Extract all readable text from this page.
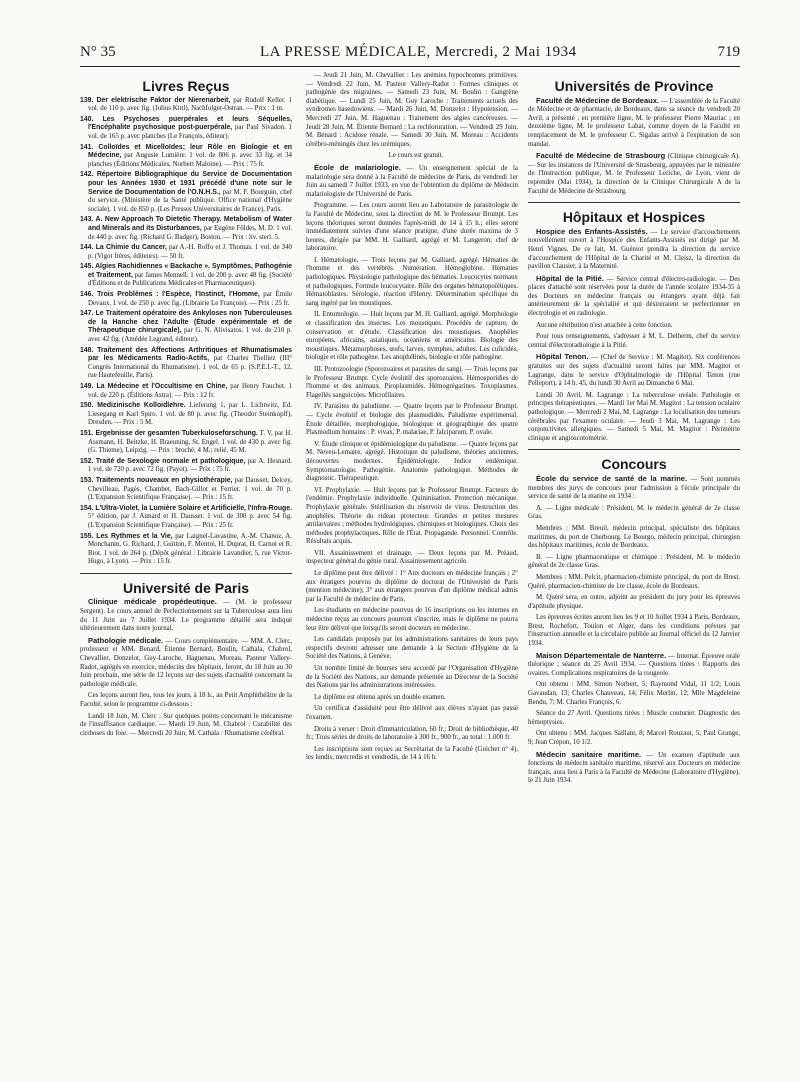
N° 35	LA PRESSE MÉDICALE, Mercredi, 2 Mai 1934	719
Livres Reçus
139. Der elektrische Faktor der Nierenarbeit, par Rudolf Keller. 1 vol. de 110 p. avec fig. (Julius Kittl), Nachfolger-Ostran. — Prix : 1 m.
140. Les Psychoses puerpérales et leurs Séquelles, l'Encéphalite psychosique post-puerpérale, par Paul Sivadon. 1 vol. de 165 p. avec planches (Le François, éditeur).
141. Colloïdes et Micelloïdes; leur Rôle en Biologie et en Médecine, par Auguste Lumière. 1 vol. de 806 p. avec 33 fig. et 34 planches (Éditions Médicales, Norbert Maloine). — Prix : 75 fr.
142. Répertoire Bibliographique du Service de Documentation pour les Années 1930 et 1931 précédé d'une note sur le Service de Documentation de l'O.N.H.S., par M. F. Bourguin, chef du service. (Ministère de la Santé publique. Office national d'Hygiène sociale). 1 vol. de 850 p. (Les Presses Universitaires de France), Paris.
143. A. New Approach To Dietetic Therapy. Metabolism of Water and Minerals and its Disturbances, par Eugène Földes, M. D. 1 vol. de 440 p. avec fig. (Richard G. Badger), Boston. — Prix : liv. sterl. 5.
144. La Chimie du Cancer, par A.-H. Roffo et J. Thomas. 1 vol. de 340 p. (Vigot frères, éditeurs). — 50 fr.
145. Algies Rachidiennes « Backache ». Symptômes, Pathogénie et Traitement, par James Mennell. 1 vol. de 200 p. avec 48 fig. (Société d'Éditions et de Publications Médicales et Pharmaceutiques).
146. Trois Problèmes : l'Espèce, l'Instinct, l'Homme, par Émile Devaux. 1 vol. de 250 p. avec fig. (Librairie Le François). — Prix : 25 fr.
147. Le Traitement opératoire des Ankyloses non Tuberculeuses de la Hanche chez l'Adulte (Étude expérimentale et de Thérapeutique chirurgicale), par G. N. Alivisatos. 1 vol. de 210 p. avec 42 fig. (Amédée Legrand, éditeur).
148. Traitement des Affections Arthritiques et Rhumatismales par les Médicaments Radio-Actifs, par Charles Thelliez (III° Congrès International du Rhumatisme). 1 vol. de 65 p. (S.P.E.I.-T., 12, rue Hautefeuille, Paris).
149. La Médecine et l'Occultisme en Chine, par Henry Fauchet. 1 vol. de 220 p. (Éditions Astra). — Prix : 12 fr.
150. Medizinische Kolloidlehre. Lieferung 1, par L. Lichtwitz, Ed. Liesegang et Karl Spiro. 1 vol. de 80 p. avec fig. (Theodor Steinkopff), Dresden. — Prix : 5 M.
151. Ergebnisse der gesamten Tuberkuloseforschung. T. V, par H. Assmann, H. Beitzke, H. Braeuning, St. Engel. 1 vol. de 430 p. avec fig. (G. Thieme), Leipzig. — Prix : broché, 4 M.; relié, 45 M.
152. Traité de Sexologie normale et pathologique, par A. Hesnard. 1 vol. de 720 p. avec 72 fig. (Payot). — Prix : 75 fr.
153. Traitements nouveaux en physiothérapie, par Dausset, Delcey, Chevilleau, Pagès, Chambet, Bach-Gillot et Ferrier. 1 vol. de 70 p. (L'Expansion Scientifique Française). — Prix : 15 fr.
154. L'Ultra-Violet, la Lumière Solaire et Artificielle, l'Infra-Rouge. 5° édition, par J. Aimard et H. Dausset. 1 vol. de 300 p. avec 54 fig. (L'Expansion Scientifique Française). — Prix : 25 fr.
155. Les Rythmes et la Vie, par Laignel-Lavastine, A.-M. Chanoz, A. Monchanin, G. Richard, J. Guitton, F. Mentré, H. Duprat, H. Carnot et R. Biot. 1 vol. de 264 p. (Dépôt général : Librairie Lavandier, 5, rue Victor-Hugo, à Lyon). — Prix : 15 fr.
Université de Paris

Clinique médicale propédeutique. — (M. le professeur Sergent). Le cours annuel de Perfectionnement sur la Tuberculose aura lieu du 11 Juin au 7 Juillet 1934. Le programme détaillé sera indiqué ultérieurement dans notre journal.

Pathologie médicale. — Cours complémentaire. — MM. A. Clerc, professeur et MM. Benard, Étienne Bernard, Boulin, Cathala, Chabrol, Chevallier, Donzelot, Guy-Laroche, Haguenau, Moreau, Pasteur Vallery-Radot, agrégés en exercice, médecins des hôpitaux, feront, du 18 Juin au 30 Juin prochain, une série de 12 leçons sur des sujets d'actualité concernant la pathologie médicale.

Ces leçons auront lieu, tous les jours, à 18 h., au Petit Amphithéâtre de la Faculté, selon le programme ci-dessous :

Lundi 18 Juin, M. Clerc : Sur quelques points concernant le mécanisme de l'insuffisance cardiaque. — Mardi 19 Juin, M. Chabrol : Curabilité des cirrhoses du foie. — Mercredi 20 Juin, M. Cathala : Rhumatisme cérébral.

— Jeudi 21 Juin, M. Chevallier : Les anémies hypochromes primitives. — Vendredi 22 Juin, M. Pasteur Vallery-Radot : Formes cliniques et pathogénie des migraines. — Samedi 23 Juin, M. Boulin : Gangrène diabétique. — Lundi 25 Juin, M. Guy Laroche : Traitements actuels des syndromes basedowiens. — Mardi 26 Juin, M. Donzelot : Hypotension. — Mercredi 27 Juin, M. Haguenau : Traitement des algies cancéreuses. — Jeudi 28 Juin, M. Étienne Bernard : La rechloruration. — Vendredi 29 Juin, M. Bénard : Acidose rénale. — Samedi 30 Juin, M. Moreau : Accidents cérébro-méningés chez les urémiques.

Le cours est gratuit.

École de malariologie. — Un enseignement spécial de la malariologie sera donné à la Faculté de médecine de Paris, du vendredi 1er Juin au samedi 7 Juillet 1933, en vue de l'obtention du diplôme de Médecin malariologiste de l'Université de Paris.

Programme. — Les cours auront lieu au Laboratoire de parasitologie de la Faculté de Médecine, sous la direction de M. le Professeur Brumpt. Les leçons théoriques seront données l'après-midi de 14 à 15 h.; elles seront immédiatement suivies d'une séance pratique, d'une durée maxima de 3 heures, dirigée par MM. H. Galliard, agrégé et M. Langeron, chef de laboratoire.

I. Hématologie. — Trois leçons par M. Galliard, agrégé. Hématies de l'homme et des vertébrés. Numération. Hémoglobine. Hématies pathologiques. Physiologie pathologique des hématies. Leucocytes normaux et pathologiques. Formule leucocytaire. Rôle des organes hématopoïétiques. Hématoblastes. Sérologie, réaction d'Henry. Détermination spécifique du sang ingéré par les moustiques.

II. Entomologie. — Huit leçons par M. H. Galliard, agrégé. Morphologie et classification des insectes. Les moustiques. Procédés de capture, de conservation et d'étude. Classification des moustiques. Anophèles européens, africains, asiatiques, océaniens et américains. Biologie des moustiques. Métamorphoses, œufs, larves, nymphes, adultes. Les culicidés, biologie et rôle pathogène. Les anophélinés, biologie et rôle pathogène.

III. Protozoologie (Sporozoaires et parasites du sang). — Trois leçons par le Professeur Brumpt. Cycle évolutif des sporozoaires. Hémosporidies de l'homme et des animaux. Piroplasmidés. Hémogrégarines. Toxoplasmes. Flagellés sanguicoles. Microfilaires.

IV. Parasites du paludisme. — Quatre leçons par le Professeur Brumpt. — Cycle évolutif et biologie des plasmodidés. Paludisme expérimental. Étude détaillée, morphologique, biologique et géographique des quatre Plasmodium humains : P. vivax, P. malariae, P. falciparum, P. ovale.

V. Étude clinique et épidémiologique du paludisme. — Quatre leçons par M. Neveu-Lemaire, agrégé. Historique du paludisme, théories anciennes, découvertes modernes. Épidémiologie. Indice endémique. Symptomatologie. Pathogénie. Anatomie pathologique. Méthodes de diagnostic. Thérapeutique.

VI. Prophylaxie. — Huit leçons par le Professeur Brumpt. Facteurs de l'endémie. Prophylaxie individuelle. Quininisation. Protection mécanique. Prophylaxie générale. Stérilisation du réservoir de virus. Destruction des anophèles. Théorie du rideau protecteur. Grandes et petites mesures antilarvaires ; méthodes hydrologiques, chimiques et biologiques. Choix des méthodes prophylactiques. Rôle de l'État. Propagande. Personnel. Contrôle. Résultats acquis.

VII. Assainissement et drainage. — Deux leçons par M. Préaud, inspecteur général du génie rural. Assainissement agricole.

Le diplôme peut être délivré : 1° Aux docteurs en médecine français ; 2° aux étrangers pourvus du diplôme de doctorat de l'Université de Paris (mention médecine); 3° aux étrangers pourvus d'un diplôme médical admis par la Faculté de médecine de Paris.

Les étudiants en médecine pourvus de 16 inscriptions ou les internes en médecine reçus au concours pourront s'inscrire, mais le diplôme ne pourra leur être délivré que lorsqu'ils seront docteurs en médecine.

Les candidats proposés par les administrations sanitaires de leurs pays respectifs devront adresser une demande à la Section d'Hygiène de la Société des Nations, à Genève.

Un nombre limité de bourses sera accordé par l'Organisation d'Hygiène de la Société des Nations, sur demande présentée au Directeur de la Société des Nations par les administrations intéressées.

Le diplôme est obtenu après un double examen.

Un certificat d'assiduité peut être délivré aux élèves n'ayant pas passé l'examen.

Droits à verser : Droit d'immatriculation, 60 fr.; Droit de bibliothèque, 40 fr.; Trois séries de droits de laboratoire à 300 fr., 900 fr., au total : 1.000 fr.

Les inscriptions sont reçues au Secrétariat de la Faculté (Guichet n° 4), les lundis, mercredis et vendredis, de 14 à 16 h.

Universités de Province

Faculté de Médecine de Bordeaux. — L'assemblée de la Faculté de Médecine et de pharmacie, de Bordeaux, dans sa séance du vendredi 20 Avril, a présenté : en première ligne, M. le professeur Pierre Mauriac ; en deuxième ligne, M. le professeur Lahat, comme doyen de la Faculté en remplacement de M. le professeur C. Sigalas arrivé à l'expiration de son mandat.

Faculté de Médecine de Strasbourg (Clinique chirurgicale A). — Sur les instances de l'Université de Strasbourg, appuyées par le ministère de l'Instruction publique, M. le Professeur Leriche, de Lyon, vient de reprendre (Mai 1934), la direction de la Clinique Chirurgicale A de la Faculté de Médecine de Strasbourg.

Hôpitaux et Hospices

Hospice des Enfants-Assistés. — Le service d'accouchements nouvellement ouvert à l'Hospice des Enfants-Assistés est dirigé par M. Henri Vignes. De ce fait, M. Guéniot prendra la direction du service d'accouchement de l'Hôpital de la Charité et M. Cleisz, la direction du pavillon Clausier, à la Maternité.

Hôpital de la Pitié. — Service central d'électro-radiologie. — Des places d'attaché sont réservées pour la durée de l'année scolaire 1934-35 à des Docteurs en médecine français ou étrangers ayant déjà fait antérieurement de la spécialité et qui désireraient se perfectionner en électrologie et en radiologie.

Aucune rétribution n'est attachée à cette fonction.

Pour tous renseignements, s'adresser à M. L. Delherm, chef du service central d'électroradiologie à la Pitié.

Hôpital Tenon. — (Chef de Service : M. Magitot). Six conférences gratuites sur des sujets d'actualité seront faites par MM. Magitot et Lagrange, dans le service d'Ophtalmologie de l'Hôpital Tenon (rue Pelleport), à 14 h. 45, du lundi 30 Avril au Dimanche 6 Mai.

Lundi 30 Avril, M. Lagrange : La tuberculose uvéale. Pathologie et principes thérapeutiques. — Mardi 1er Mai M. Magitot : La tension oculaire pathologique. — Mercredi 2 Mai, M. Lagrange : La localisation des tumeurs cérébrales par l'examen oculaire. — Jeudi 3 Mai, M. Lagrange : Les conjonctivites allergiques. — Samedi 5 Mai, M. Magitot : Périmétrie clinique et angioscotométrie.

Concours

École du service de santé de la marine. — Sont nommés membres des jurys de concours pour l'admission à l'école principale du service de santé de la marine en 1934 :

A. — Ligne médicale : Président, M. le médecin général de 2e classe Gras.

Membres : MM. Breuil, médecin principal, spécialiste des hôpitaux maritimes, du port de Cherbourg. Le Bourgo, médecin principal, chirurgien des hôpitaux maritimes, école de Bordeaux.

B. — Ligne pharmaceutique et chimique : Président, M. le médecin général de 2e classe Gras.

Membres : MM. Pelcit, pharmacien-chimiste principal, du port de Brest. Quéré, pharmacien-chimiste de 1re classe, école de Bordeaux.

M. Quéré sera, en outre, adjoint au président du jury pour les épreuves d'aptitude physique.

Les épreuves écrites auront lieu les 9 et 10 Juillet 1934 à Paris, Bordeaux, Brest, Rochefort, Toulon et Alger, dans les conditions prévues par l'instruction annuelle et la circulaire publiée au Journal officiel du 12 Janvier 1934.

Maison Départementale de Nanterre. — Internat. Épreuve orale théorique ; séance du 25 Avril 1934. — Questions tirées : Rapports des ovaires. Complications respiratoires de la rougeole.

Ont obtenu : MM. Simon Norbert, 5; Raymond Vidal, 11 1/2; Louis Gavaudan, 13; Charles Chauveau, 14; Félix Merlin, 12; Mlle Magdeleine Bendu, 7; M. Charles François, 6.

Séance du 27 Avril. Questions tirées : Muscle couturier. Diagnostic des hémoptysies.

Ont obtenu : MM. Jacques Saillant, 8; Marcel Rouzaut, 5; Paul Grange, 9; Jean Crépon, 10 1/2.

Médecin sanitaire maritime. — Un examen d'aptitude aux fonctions de médecin sanitaire maritime, réservé aux Docteurs en médecine français, aura lieu à Paris à la Faculté de Médecine (Laboratoire d'Hygiène), le 21 Juin 1934.
